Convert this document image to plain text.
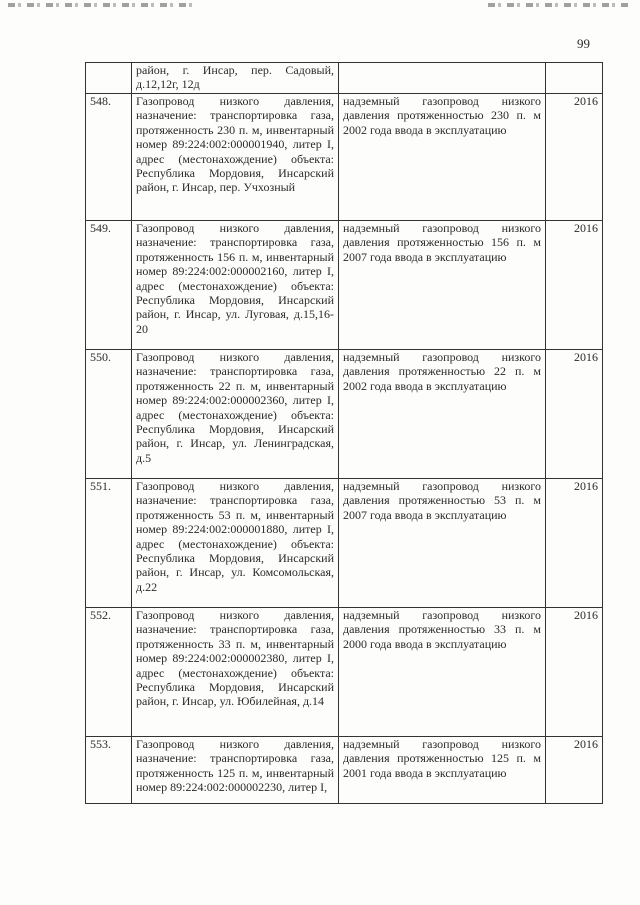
99

	район, г. Инсар, пер. Садовый, д.12,12г, 12д		

548.	Газопровод низкого давления, назначение: транспортировка газа, протяженность 230 п. м, инвентарный номер 89:224:002:000001940, литер I, адрес (местонахождение) объекта: Республика Мордовия, Инсарский район, г. Инсар, пер. Учхозный	надземный газопровод низкого давления протяженностью 230 п. м 2002 года ввода в эксплуатацию	2016
549.	Газопровод низкого давления, назначение: транспортировка газа, протяженность 156 п. м, инвентарный номер 89:224:002:000002160, литер I, адрес (местонахождение) объекта: Республика Мордовия, Инсарский район, г. Инсар, ул. Луговая, д.15,16-20	надземный газопровод низкого давления протяженностью 156 п. м 2007 года ввода в эксплуатацию	2016
550.	Газопровод низкого давления, назначение: транспортировка газа, протяженность 22 п. м, инвентарный номер 89:224:002:000002360, литер I, адрес (местонахождение) объекта: Республика Мордовия, Инсарский район, г. Инсар, ул. Ленинградская, д.5	надземный газопровод низкого давления протяженностью 22 п. м 2002 года ввода в эксплуатацию	2016
551.	Газопровод низкого давления, назначение: транспортировка газа, протяженность 53 п. м, инвентарный номер 89:224:002:000001880, литер I, адрес (местонахождение) объекта: Республика Мордовия, Инсарский район, г. Инсар, ул. Комсомольская, д.22	надземный газопровод низкого давления протяженностью 53 п. м 2007 года ввода в эксплуатацию	2016
552.	Газопровод низкого давления, назначение: транспортировка газа, протяженность 33 п. м, инвентарный номер 89:224:002:000002380, литер I, адрес (местонахождение) объекта: Республика Мордовия, Инсарский район, г. Инсар, ул. Юбилейная, д.14	надземный газопровод низкого давления протяженностью 33 п. м 2000 года ввода в эксплуатацию	2016
553.	Газопровод низкого давления, назначение: транспортировка газа, протяженность 125 п. м, инвентарный номер 89:224:002:000002230, литер I,	надземный газопровод низкого давления протяженностью 125 п. м 2001 года ввода в эксплуатацию	2016
